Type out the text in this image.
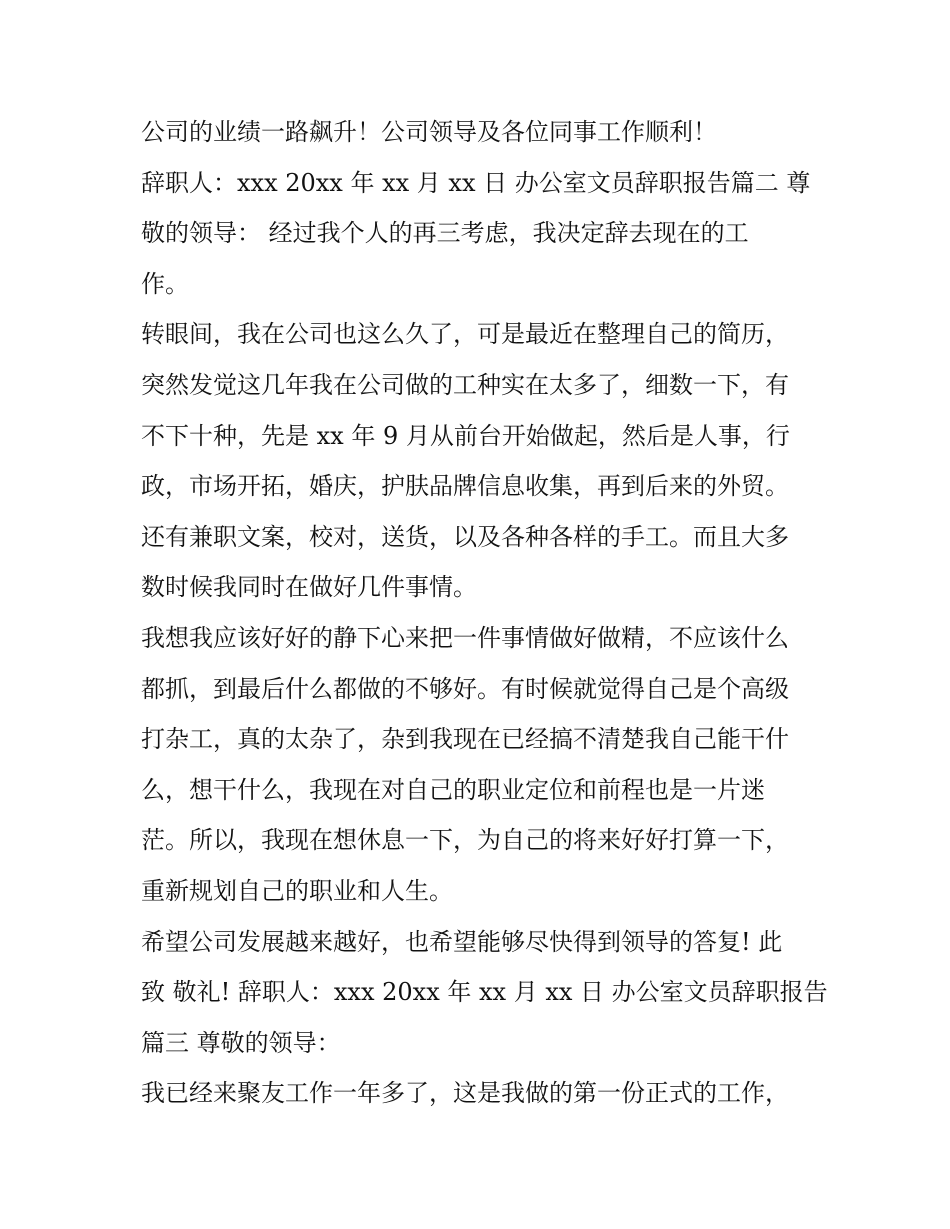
公司的业绩一路飙升！公司领导及各位同事工作顺利！
辞职人：xxx 20xx 年 xx 月 xx 日 办公室文员辞职报告篇二 尊
敬的领导： 经过我个人的再三考虑，我决定辞去现在的工
作。
转眼间，我在公司也这么久了，可是最近在整理自己的简历，
突然发觉这几年我在公司做的工种实在太多了，细数一下，有
不下十种，先是 xx 年 9 月从前台开始做起，然后是人事，行
政，市场开拓，婚庆，护肤品牌信息收集，再到后来的外贸。
还有兼职文案，校对，送货，以及各种各样的手工。而且大多
数时候我同时在做好几件事情。
我想我应该好好的静下心来把一件事情做好做精，不应该什么
都抓，到最后什么都做的不够好。有时候就觉得自己是个高级
打杂工，真的太杂了，杂到我现在已经搞不清楚我自己能干什
么，想干什么，我现在对自己的职业定位和前程也是一片迷
茫。所以，我现在想休息一下，为自己的将来好好打算一下，
重新规划自己的职业和人生。
希望公司发展越来越好，也希望能够尽快得到领导的答复! 此
致 敬礼! 辞职人：xxx 20xx 年 xx 月 xx 日 办公室文员辞职报告
篇三 尊敬的领导：
我已经来聚友工作一年多了，这是我做的第一份正式的工作，
